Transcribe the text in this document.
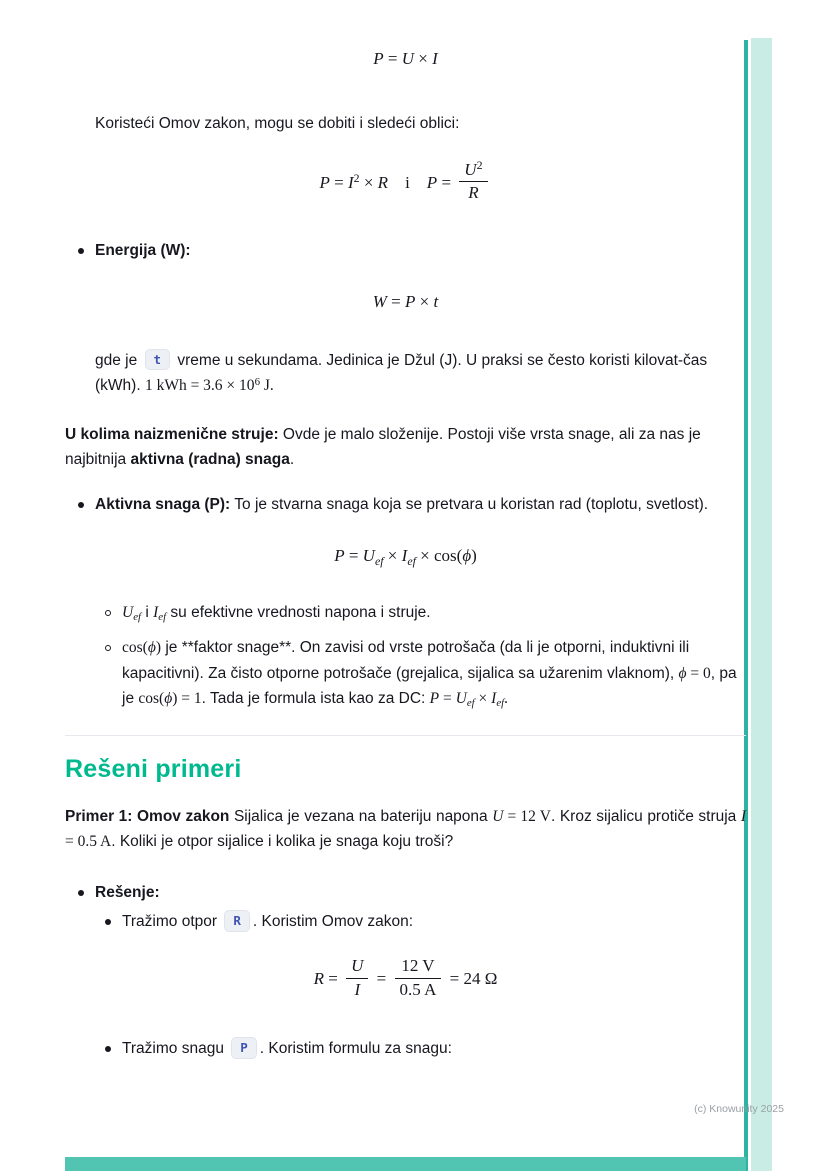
P = U × I

Koristeći Omov zakon, mogu se dobiti i sledeći oblici:

$P = I^2 \times R$    i    $P = \frac{U^2}{R}$

Energija (W):

W = P × t

gde je t vreme u sekundama. Jedinica je Džul (J). U praksi se često koristi kilovat-čas (kWh). 1 kWh = $3.6 \times 10^6$ J.

U kolima naizmenične struje: Ovde je malo složenije. Postoji više vrsta snage, ali za nas je najbitnija aktivna (radna) snaga.

Aktivna snaga (P): To je stvarna snaga koja se pretvara u koristan rad (toplotu, svetlost).

P = Uef × Ief × cos(ϕ)

Uef i Ief su efektivne vrednosti napona i struje.

cos(ϕ) je **faktor snage**. On zavisi od vrste potrošača (da li je otporni, induktivni ili kapacitivni). Za čisto otporne potrošače (grejalica, sijalica sa užarenim vlaknom), ϕ = 0, pa je cos(ϕ) = 1. Tada je formula ista kao za DC: P = Uef × Ief.

Rešeni primeri

Primer 1: Omov zakon Sijalica je vezana na bateriju napona U = 12 V. Kroz sijalicu protiče struja I = 0.5 A. Koliki je otpor sijalice i kolika je snaga koju troši?

Rešenje:

Tražimo otpor R . Koristim Omov zakon:

$R = \frac{U}{I} = \frac{12 V}{0.5 A} = 24$ Ω

Tražimo snagu P . Koristim formulu za snagu:

(c) Knowunity 2025
